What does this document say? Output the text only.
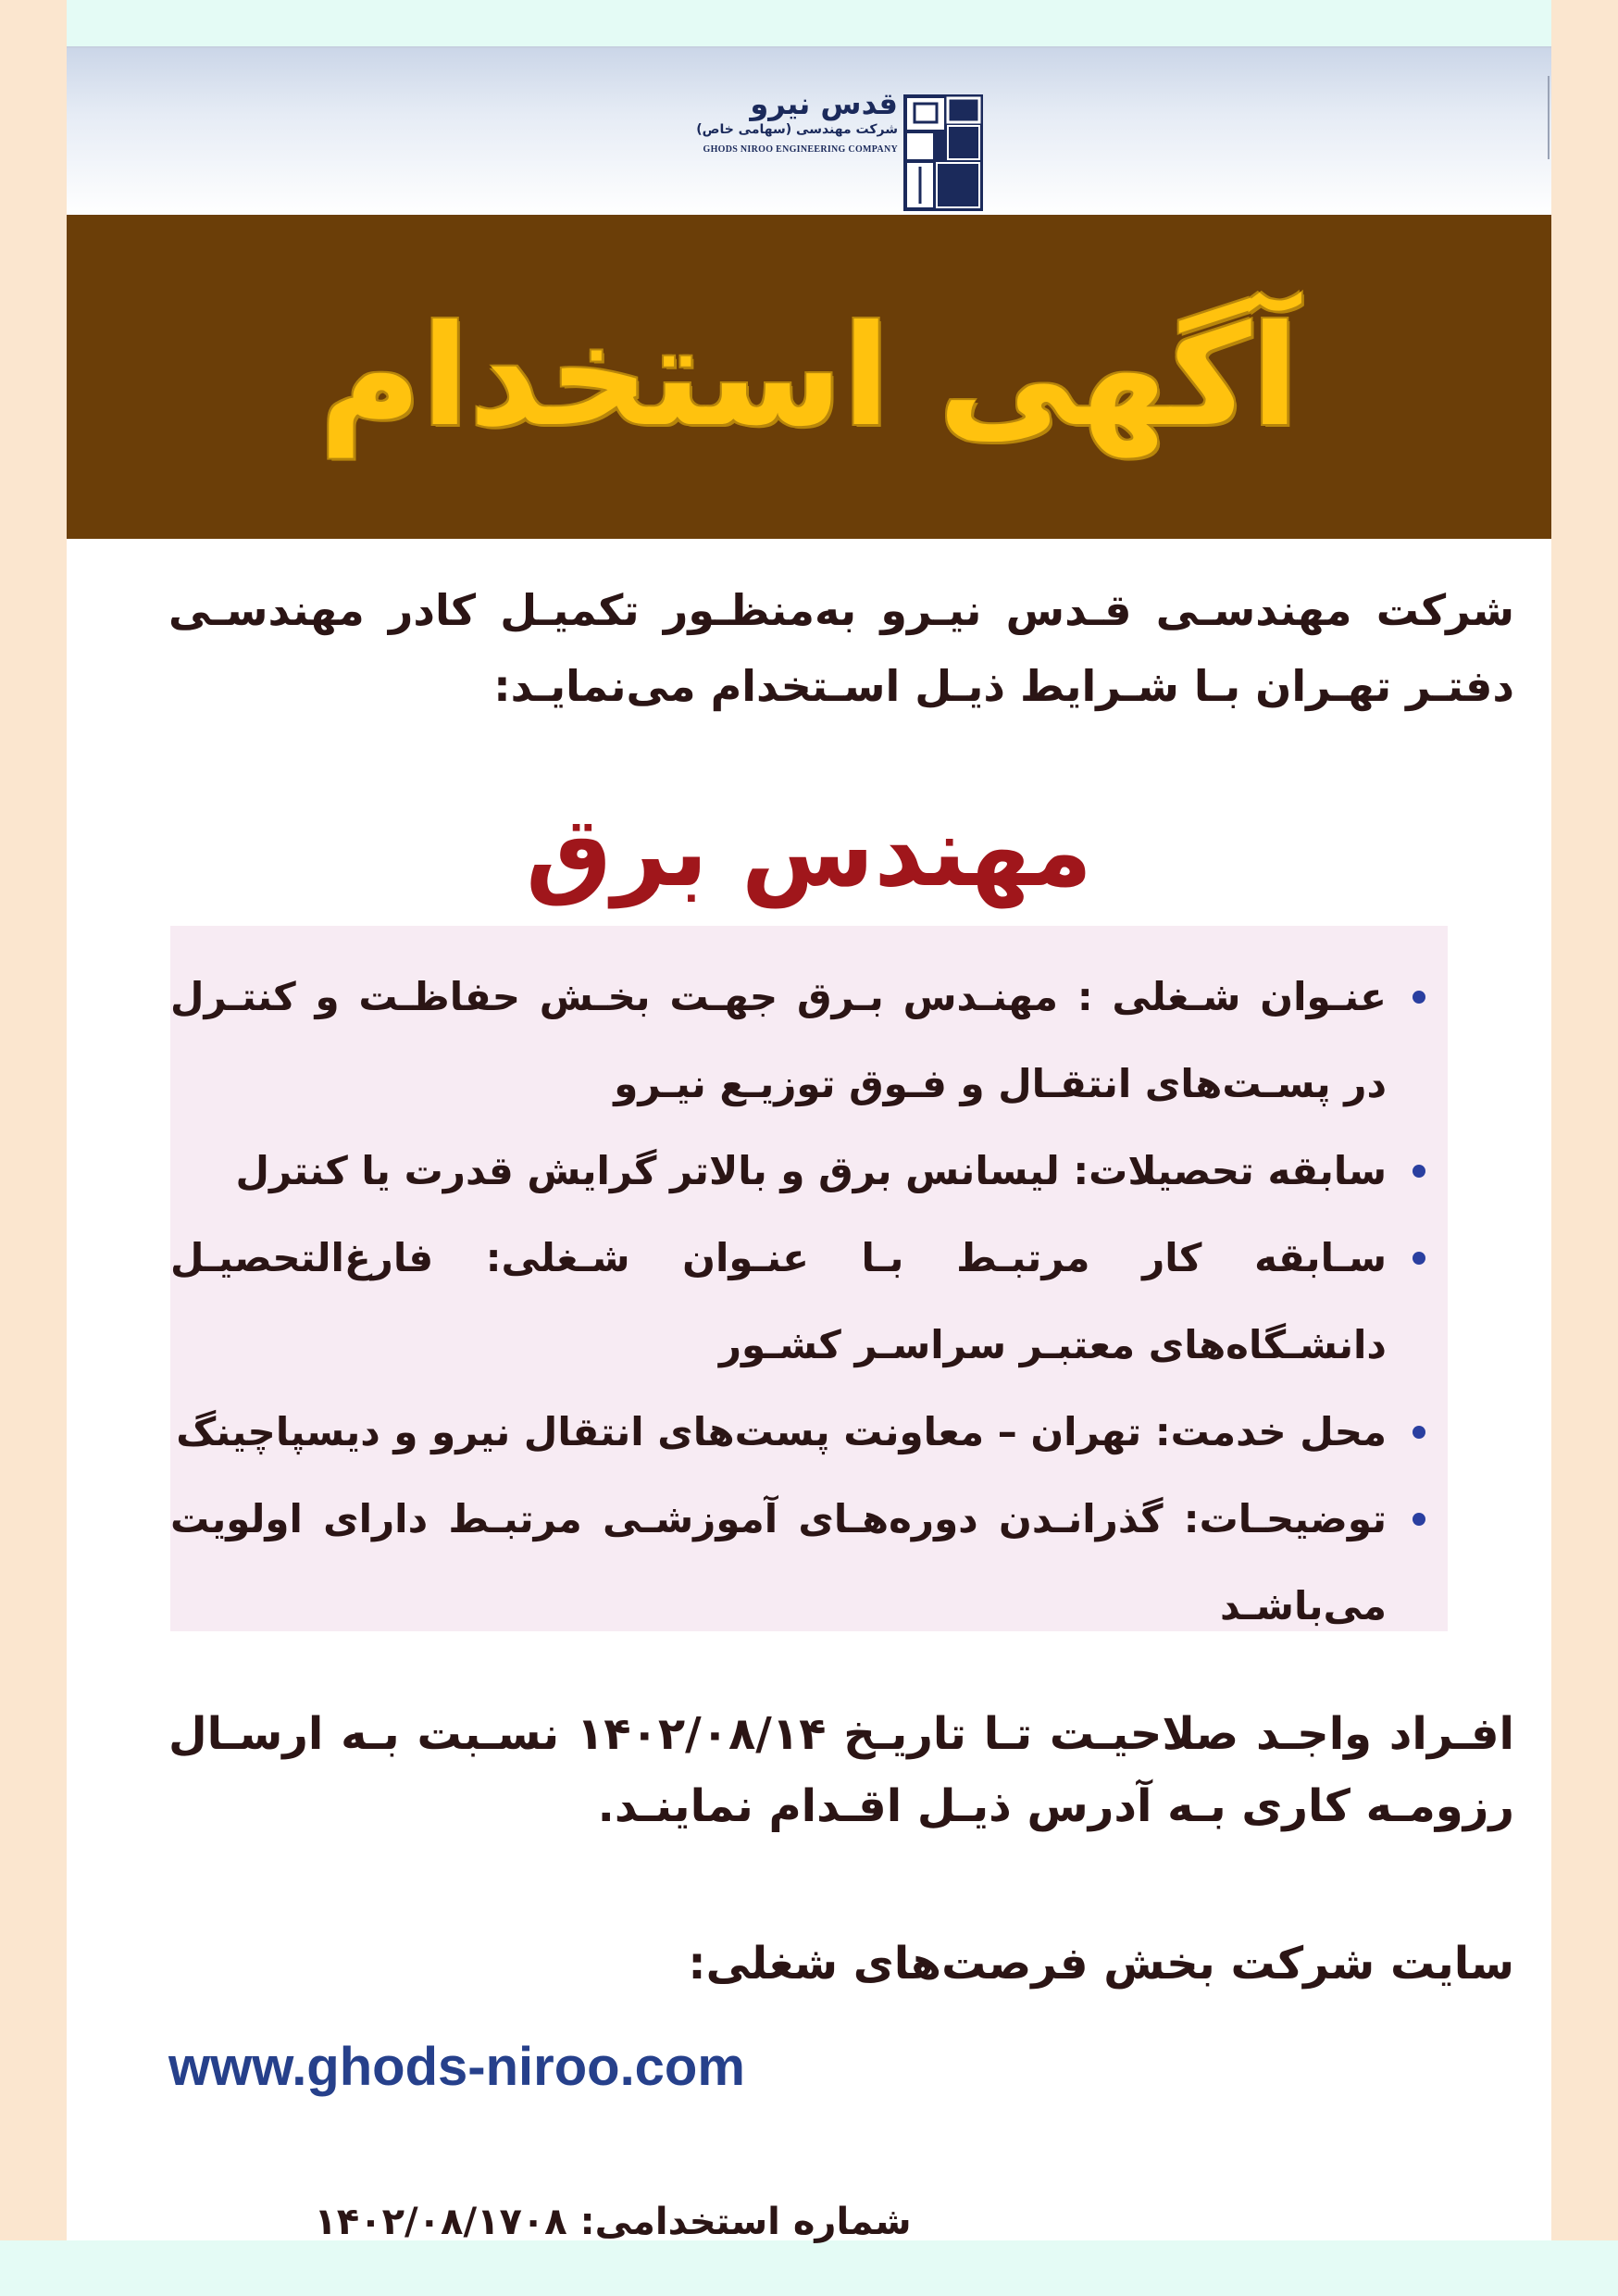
قدس نیرو
شرکت مهندسی (سهامی خاص)
GHODS NIROO ENGINEERING COMPANY
آگهی استخدام
شرکت مهندسـی قـدس نیـرو به‌منظـور تکمیـل کادر مهندسـی دفتـر تهـران بـا شـرایط ذیـل اسـتخدام می‌نمایـد:
مهندس برق
عنـوان شـغلی : مهنـدس بـرق جهـت بخـش حفاظـت و کنتـرل در پسـت‌های انتقـال و فـوق توزیـع نیـرو
سابقه تحصیلات: لیسانس برق و بالاتر گرایش قدرت یا کنترل
سـابقه کار مرتبـط بـا عنـوان شـغلی: فارغ‌التحصیـل دانشـگاه‌های معتبـر سراسـر کشـور
محل خدمت: تهران – معاونت پست‌های انتقال نیرو و دیسپاچینگ
توضیحـات: گذرانـدن دوره‌هـای آموزشـی مرتبـط دارای اولویت می‌باشـد
افـراد واجـد صلاحیـت تـا تاریـخ ۱۴۰۲/۰۸/۱۴ نسـبت بـه ارسـال رزومـه کاری بـه آدرس ذیـل اقـدام نماینـد.
سایت شرکت بخش فرصت‌های شغلی:
www.ghods-niroo.com
شماره استخدامی: ۱۴۰۲/۰۸/۱۷۰۸
